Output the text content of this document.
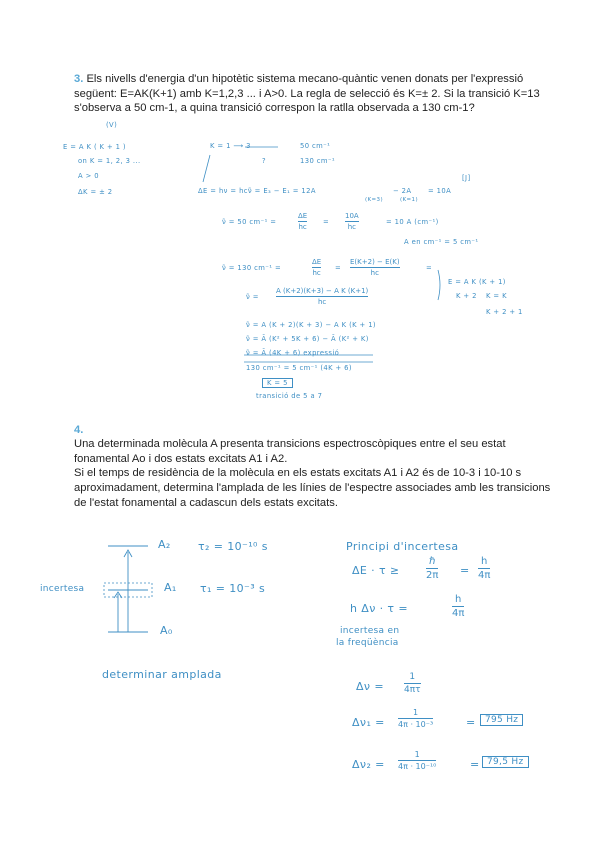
3. Els nivells d'energia d'un hipotètic sistema mecano-quàntic venen donats per l'expressió següent: E=AK(K+1) amb K=1,2,3 ... i A>0. La regla de selecció és K=± 2. Si la transició K=13 s'observa a 50 cm-1, a quina transició correspon la ratlla observada a 130 cm-1?
(V)
E = A K ( K + 1 )
on K = 1, 2, 3 ...
A > 0
ΔK = ± 2
K = 1 ⟶ 3
?
50 cm⁻¹
130 cm⁻¹
ΔE = hν = hcν̃ = E₃ − E₁ = 12A
(K=3)
− 2A
(K=1)
= 10A
[J]
ν̃ = 50 cm⁻¹ =
ΔE
hc
=
10A
hc
= 10 A (cm⁻¹)
A en cm⁻¹ = 5 cm⁻¹
ν̃ = 130 cm⁻¹ =
ΔE
hc
=
E(K+2) − E(K)
hc
=
E = A K (K + 1)
K + 2 K = K
K + 2 + 1
ν̃ =
A (K+2)(K+3) − A K (K+1)
hc
ν̃ = A (K + 2)(K + 3) − A K (K + 1)
ν̃ = Ã (K² + 5K + 6) − Ã (K² + K)
ν̃ = Ã (4K + 6) expressió
130 cm⁻¹ = 5 cm⁻¹ (4K + 6)
K = 5
transició de 5 a 7

4.
Una determinada molècula A presenta transicions espectroscòpiques entre el seu estat fonamental Ao i dos estats excitats A1 i A2.
Si el temps de residència de la molècula en els estats excitats A1 i A2 és de 10-3 i 10-10 s aproximadament, determina l'amplada de les línies de l'espectre associades amb les transicions de l'estat fonamental a cadascun dels estats excitats.

A₂
A₁
A₀
τ₂ = 10⁻¹⁰ s
τ₁ = 10⁻³ s
incertesa
determinar amplada
Principi d'incertesa
ΔE · τ ≥
ℏ
2π =
h
4π
h Δν · τ =
h
4π
incertesa en
la freqüència
Δν =
1
4πτ
Δν₁ =
1
4π · 10⁻³	=	795 Hz
Δν₂ =
1
4π · 10⁻¹⁰	= 79,5 Hz
